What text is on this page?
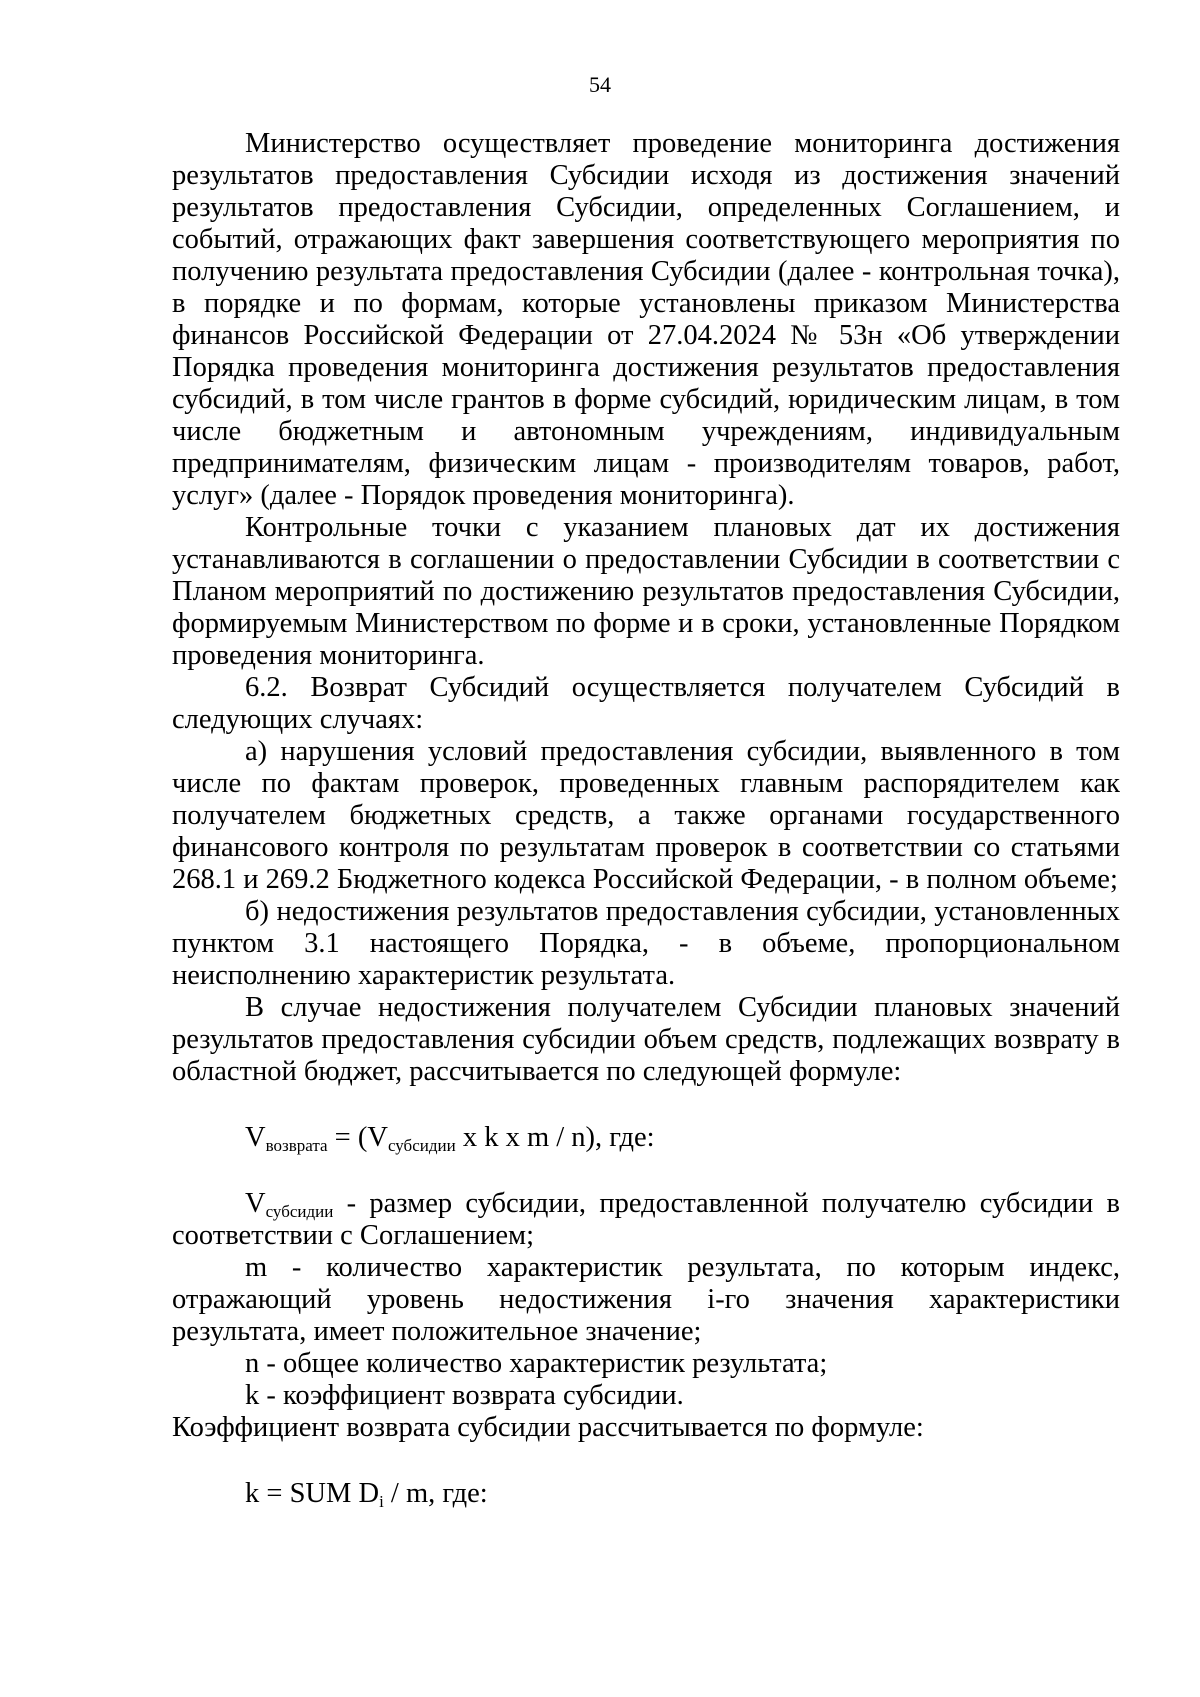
54

Министерство осуществляет проведение мониторинга достижения результатов предоставления Субсидии исходя из достижения значений результатов предоставления Субсидии, определенных Соглашением, и событий, отражающих факт завершения соответствующего мероприятия по получению результата предоставления Субсидии (далее - контрольная точка), в порядке и по формам, которые установлены приказом Министерства финансов Российской Федерации от 27.04.2024 № 53н «Об утверждении Порядка проведения мониторинга достижения результатов предоставления субсидий, в том числе грантов в форме субсидий, юридическим лицам, в том числе бюджетным и автономным учреждениям, индивидуальным предпринимателям, физическим лицам - производителям товаров, работ, услуг» (далее - Порядок проведения мониторинга).

Контрольные точки с указанием плановых дат их достижения устанавливаются в соглашении о предоставлении Субсидии в соответствии с Планом мероприятий по достижению результатов предоставления Субсидии, формируемым Министерством по форме и в сроки, установленные Порядком проведения мониторинга.

6.2. Возврат Субсидий осуществляется получателем Субсидий в следующих случаях:

а) нарушения условий предоставления субсидии, выявленного в том числе по фактам проверок, проведенных главным распорядителем как получателем бюджетных средств, а также органами государственного финансового контроля по результатам проверок в соответствии со статьями 268.1 и 269.2 Бюджетного кодекса Российской Федерации, - в полном объеме;

б) недостижения результатов предоставления субсидии, установленных пунктом 3.1 настоящего Порядка, - в объеме, пропорциональном неисполнению характеристик результата.

В случае недостижения получателем Субсидии плановых значений результатов предоставления субсидии объем средств, подлежащих возврату в областной бюджет, рассчитывается по следующей формуле:

$V_{возврата} = (V_{субсидии}$ x k x m / n), где:

$V_{субсидии}$ - размер субсидии, предоставленной получателю субсидии в соответствии с Соглашением;

m - количество характеристик результата, по которым индекс, отражающий уровень недостижения i-го значения характеристики результата, имеет положительное значение;

n - общее количество характеристик результата;

k - коэффициент возврата субсидии.

Коэффициент возврата субсидии рассчитывается по формуле:

k = SUM $D_i$ / m, где:
